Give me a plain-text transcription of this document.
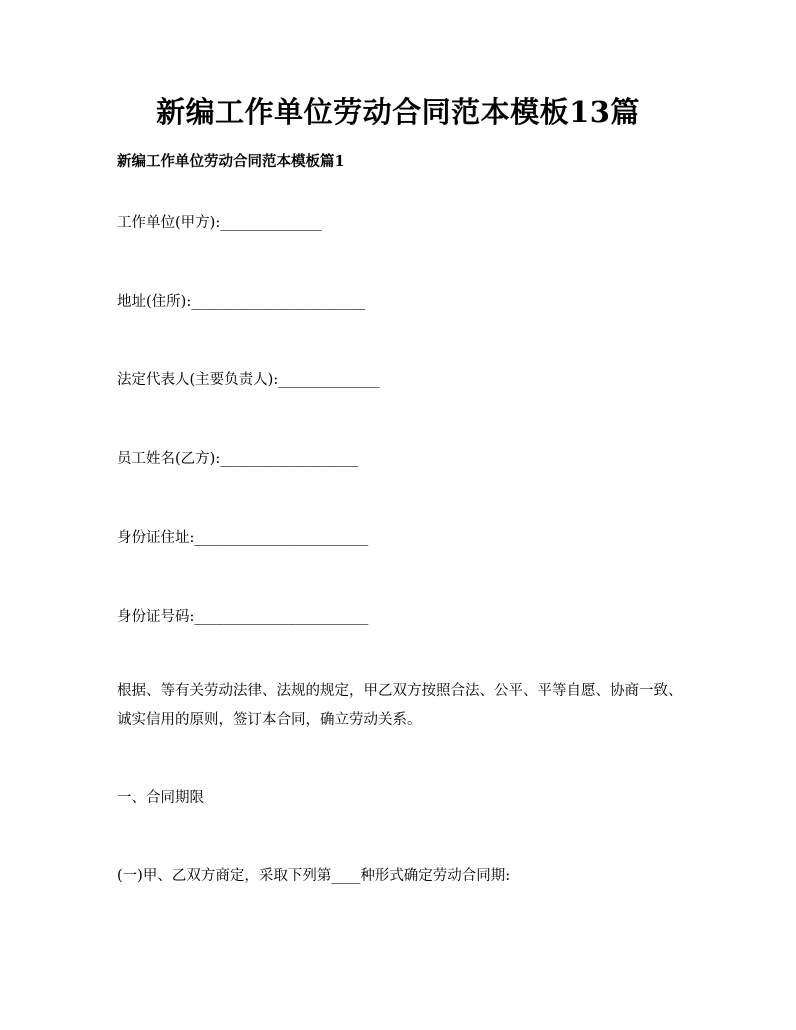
新编工作单位劳动合同范本模板13篇
新编工作单位劳动合同范本模板篇1
工作单位(甲方):______________
地址(住所):________________________
法定代表人(主要负责人):______________
员工姓名(乙方):___________________
身份证住址:________________________
身份证号码:________________________
根据、等有关劳动法律、法规的规定，甲乙双方按照合法、公平、平等自愿、协商一致、诚实信用的原则，签订本合同，确立劳动关系。
一、合同期限
(一)甲、乙双方商定，采取下列第____种形式确定劳动合同期:
